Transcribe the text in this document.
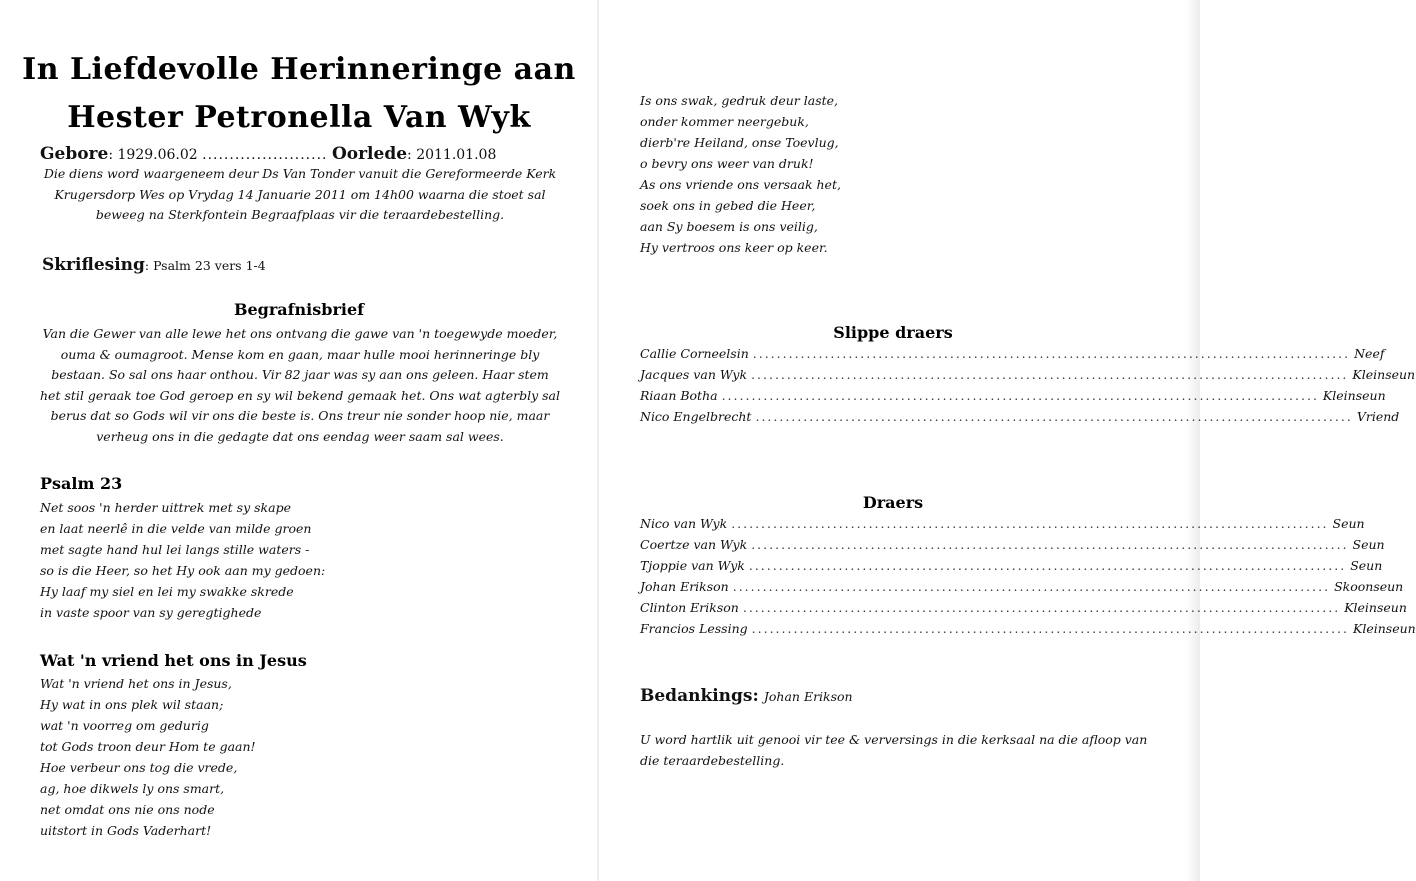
In Liefdevolle Herinneringe aan
Hester Petronella Van Wyk
Gebore: 1929.06.02 ....................... Oorlede: 2011.01.08
Die diens word waargeneem deur Ds Van Tonder vanuit die Gereformeerde Kerk
Krugersdorp Wes op Vrydag 14 Januarie 2011 om 14h00 waarna die stoet sal
beweeg na Sterkfontein Begraafplaas vir die teraardebestelling.
Skriflesing: Psalm 23 vers 1-4
Begrafnisbrief
Van die Gewer van alle lewe het ons ontvang die gawe van 'n toegewyde moeder,
ouma & oumagroot. Mense kom en gaan, maar hulle mooi herinneringe bly
bestaan. So sal ons haar onthou. Vir 82 jaar was sy aan ons geleen. Haar stem
het stil geraak toe God geroep en sy wil bekend gemaak het. Ons wat agterbly sal
berus dat so Gods wil vir ons die beste is. Ons treur nie sonder hoop nie, maar
verheug ons in die gedagte dat ons eendag weer saam sal wees.
Psalm 23
Net soos 'n herder uittrek met sy skape
en laat neerlê in die velde van milde groen
met sagte hand hul lei langs stille waters -
so is die Heer, so het Hy ook aan my gedoen:
Hy laaf my siel en lei my swakke skrede
in vaste spoor van sy geregtighede
Wat 'n vriend het ons in Jesus
Wat 'n vriend het ons in Jesus,
Hy wat in ons plek wil staan;
wat 'n voorreg om gedurig
tot Gods troon deur Hom te gaan!
Hoe verbeur ons tog die vrede,
ag, hoe dikwels ly ons smart,
net omdat ons nie ons node
uitstort in Gods Vaderhart!
Is ons swak, gedruk deur laste,
onder kommer neergebuk,
dierb're Heiland, onse Toevlug,
o bevry ons weer van druk!
As ons vriende ons versaak het,
soek ons in gebed die Heer,
aan Sy boesem is ons veilig,
Hy vertroos ons keer op keer.
Slippe draers
Callie Corneelsin .................................................................................................... Neef
Jacques van Wyk .................................................................................................... Kleinseun
Riaan Botha .................................................................................................... Kleinseun
Nico Engelbrecht .................................................................................................... Vriend
Draers
Nico van Wyk .................................................................................................... Seun
Coertze van Wyk .................................................................................................... Seun
Tjoppie van Wyk .................................................................................................... Seun
Johan Erikson .................................................................................................... Skoonseun
Clinton Erikson .................................................................................................... Kleinseun
Francios Lessing .................................................................................................... Kleinseun
Bedankings: Johan Erikson
U word hartlik uit genooi vir tee & verversings in die kerksaal na die afloop van
die teraardebestelling.
